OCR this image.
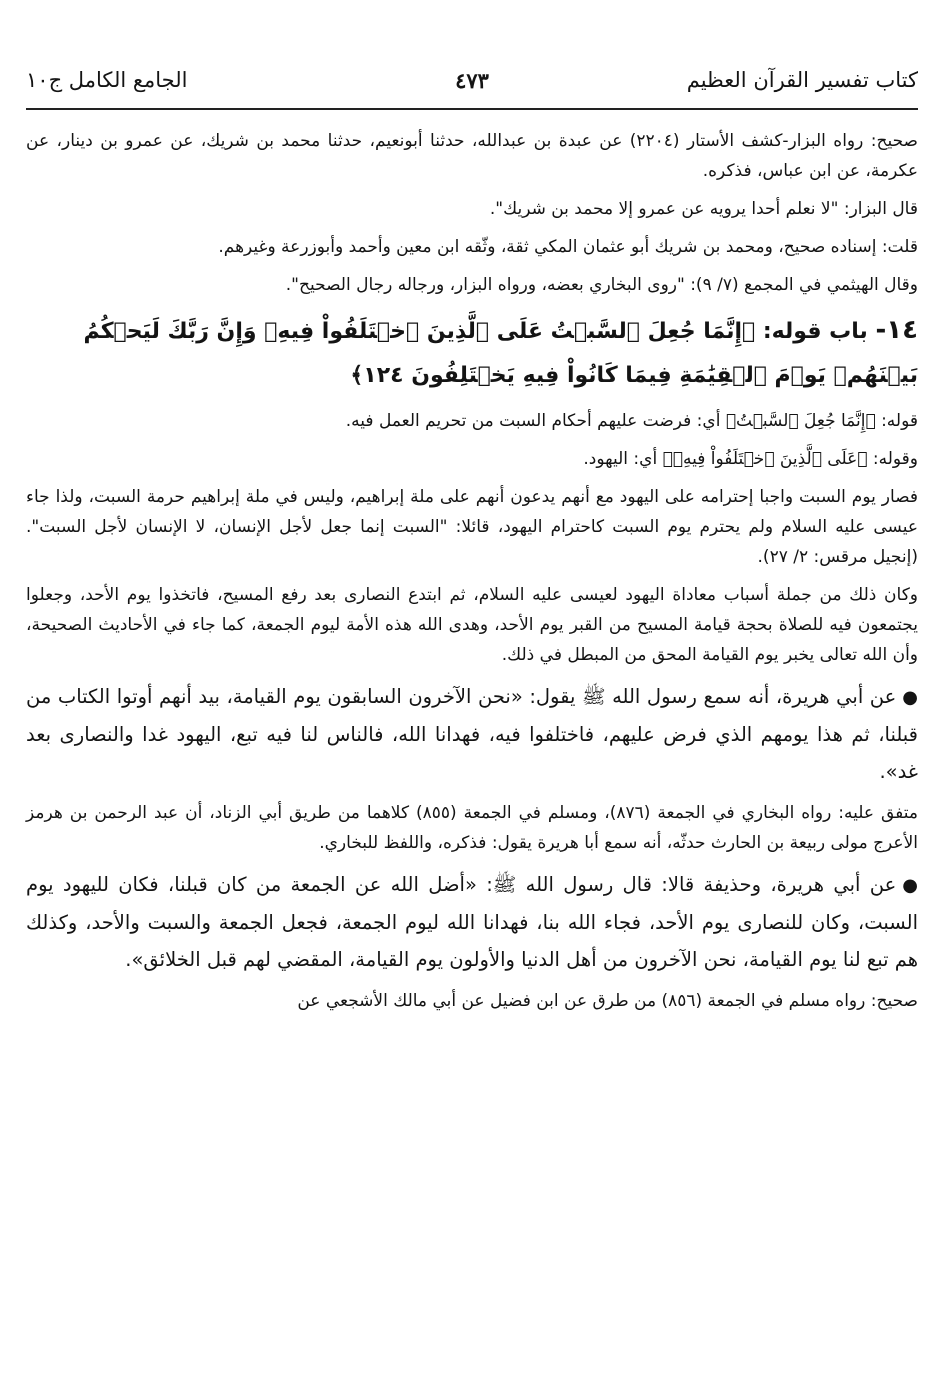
كتاب تفسير القرآن العظيم
٤٧٣
الجامع الكامل ج١٠

صحيح: رواه البزار-كشف الأستار (٢٢٠٤) عن عبدة بن عبدالله، حدثنا أبونعيم، حدثنا محمد بن شريك، عن عمرو بن دينار، عن عكرمة، عن ابن عباس، فذكره.

قال البزار: "لا نعلم أحدا يرويه عن عمرو إلا محمد بن شريك".

قلت: إسناده صحيح، ومحمد بن شريك أبو عثمان المكي ثقة، وثّقه ابن معين وأحمد وأبوزرعة وغيرهم.

وقال الهيثمي في المجمع (٧/ ٩): "روى البخاري بعضه، ورواه البزار، ورجاله رجال الصحيح".

١٤- باب قوله: ﴿إِنَّمَا جُعِلَ ٱلسَّبۡتُ عَلَى ٱلَّذِينَ ٱخۡتَلَفُواْ فِيهِۚ وَإِنَّ رَبَّكَ لَيَحۡكُمُ بَيۡنَهُمۡ يَوۡمَ ٱلۡقِيَٰمَةِ فِيمَا كَانُواْ فِيهِ يَخۡتَلِفُونَ ١٢٤﴾

قوله: ﴿إِنَّمَا جُعِلَ ٱلسَّبۡتُ﴾ أي: فرضت عليهم أحكام السبت من تحريم العمل فيه.

وقوله: ﴿عَلَى ٱلَّذِينَ ٱخۡتَلَفُواْ فِيهِۚ﴾ أي: اليهود.

فصار يوم السبت واجبا إحترامه على اليهود مع أنهم يدعون أنهم على ملة إبراهيم، وليس في ملة إبراهيم حرمة السبت، ولذا جاء عيسى عليه السلام ولم يحترم يوم السبت كاحترام اليهود، قائلا: "السبت إنما جعل لأجل الإنسان، لا الإنسان لأجل السبت". (إنجيل مرقس: ٢/ ٢٧).

وكان ذلك من جملة أسباب معاداة اليهود لعيسى عليه السلام، ثم ابتدع النصارى بعد رفع المسيح، فاتخذوا يوم الأحد، وجعلوا يجتمعون فيه للصلاة بحجة قيامة المسيح من القبر يوم الأحد، وهدى الله هذه الأمة ليوم الجمعة، كما جاء في الأحاديث الصحيحة، وأن الله تعالى يخبر يوم القيامة المحق من المبطل في ذلك.

●عن أبي هريرة، أنه سمع رسول الله ﷺ يقول: «نحن الآخرون السابقون يوم القيامة، بيد أنهم أوتوا الكتاب من قبلنا، ثم هذا يومهم الذي فرض عليهم، فاختلفوا فيه، فهدانا الله، فالناس لنا فيه تبع، اليهود غدا والنصارى بعد غد».

متفق عليه: رواه البخاري في الجمعة (٨٧٦)، ومسلم في الجمعة (٨٥٥) كلاهما من طريق أبي الزناد، أن عبد الرحمن بن هرمز الأعرج مولى ربيعة بن الحارث حدثّه، أنه سمع أبا هريرة يقول: فذكره، واللفظ للبخاري.

●عن أبي هريرة، وحذيفة قالا: قال رسول الله ﷺ: «أضل الله عن الجمعة من كان قبلنا، فكان لليهود يوم السبت، وكان للنصارى يوم الأحد، فجاء الله بنا، فهدانا الله ليوم الجمعة، فجعل الجمعة والسبت والأحد، وكذلك هم تبع لنا يوم القيامة، نحن الآخرون من أهل الدنيا والأولون يوم القيامة، المقضي لهم قبل الخلائق».

صحيح: رواه مسلم في الجمعة (٨٥٦) من طرق عن ابن فضيل عن أبي مالك الأشجعي عن
